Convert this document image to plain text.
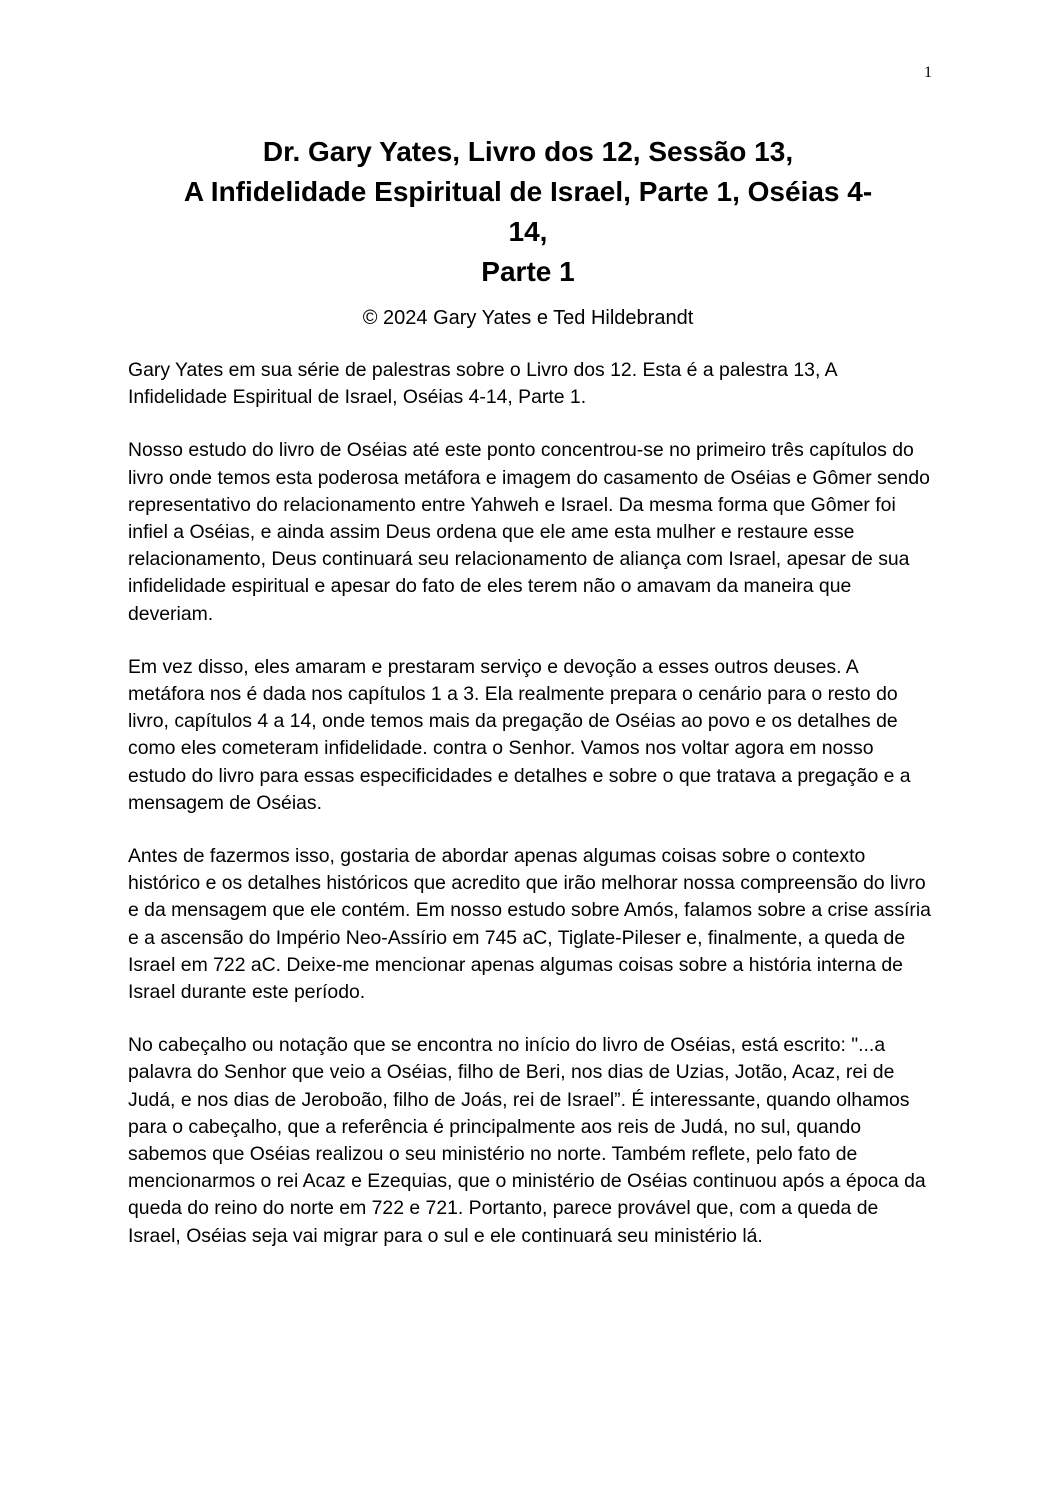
1
Dr. Gary Yates, Livro dos 12, Sessão 13,
A Infidelidade Espiritual de Israel, Parte 1, Oséias 4-
14,
Parte 1
© 2024 Gary Yates e Ted Hildebrandt

Gary Yates em sua série de palestras sobre o Livro dos 12. Esta é a palestra 13, A Infidelidade Espiritual de Israel, Oséias 4-14, Parte 1.

Nosso estudo do livro de Oséias até este ponto concentrou-se no primeiro três capítulos do livro onde temos esta poderosa metáfora e imagem do casamento de Oséias e Gômer sendo representativo do relacionamento entre Yahweh e Israel. Da mesma forma que Gômer foi infiel a Oséias, e ainda assim Deus ordena que ele ame esta mulher e restaure esse relacionamento, Deus continuará seu relacionamento de aliança com Israel, apesar de sua infidelidade espiritual e apesar do fato de eles terem não o amavam da maneira que deveriam.

Em vez disso, eles amaram e prestaram serviço e devoção a esses outros deuses. A metáfora nos é dada nos capítulos 1 a 3. Ela realmente prepara o cenário para o resto do livro, capítulos 4 a 14, onde temos mais da pregação de Oséias ao povo e os detalhes de como eles cometeram infidelidade. contra o Senhor. Vamos nos voltar agora em nosso estudo do livro para essas especificidades e detalhes e sobre o que tratava a pregação e a mensagem de Oséias.

Antes de fazermos isso, gostaria de abordar apenas algumas coisas sobre o contexto histórico e os detalhes históricos que acredito que irão melhorar nossa compreensão do livro e da mensagem que ele contém. Em nosso estudo sobre Amós, falamos sobre a crise assíria e a ascensão do Império Neo-Assírio em 745 aC, Tiglate-Pileser e, finalmente, a queda de Israel em 722 aC. Deixe-me mencionar apenas algumas coisas sobre a história interna de Israel durante este período.

No cabeçalho ou notação que se encontra no início do livro de Oséias, está escrito: "...a palavra do Senhor que veio a Oséias, filho de Beri, nos dias de Uzias, Jotão, Acaz, rei de Judá, e nos dias de Jeroboão, filho de Joás, rei de Israel”. É interessante, quando olhamos para o cabeçalho, que a referência é principalmente aos reis de Judá, no sul, quando sabemos que Oséias realizou o seu ministério no norte. Também reflete, pelo fato de mencionarmos o rei Acaz e Ezequias, que o ministério de Oséias continuou após a época da queda do reino do norte em 722 e 721. Portanto, parece provável que, com a queda de Israel, Oséias seja vai migrar para o sul e ele continuará seu ministério lá.
